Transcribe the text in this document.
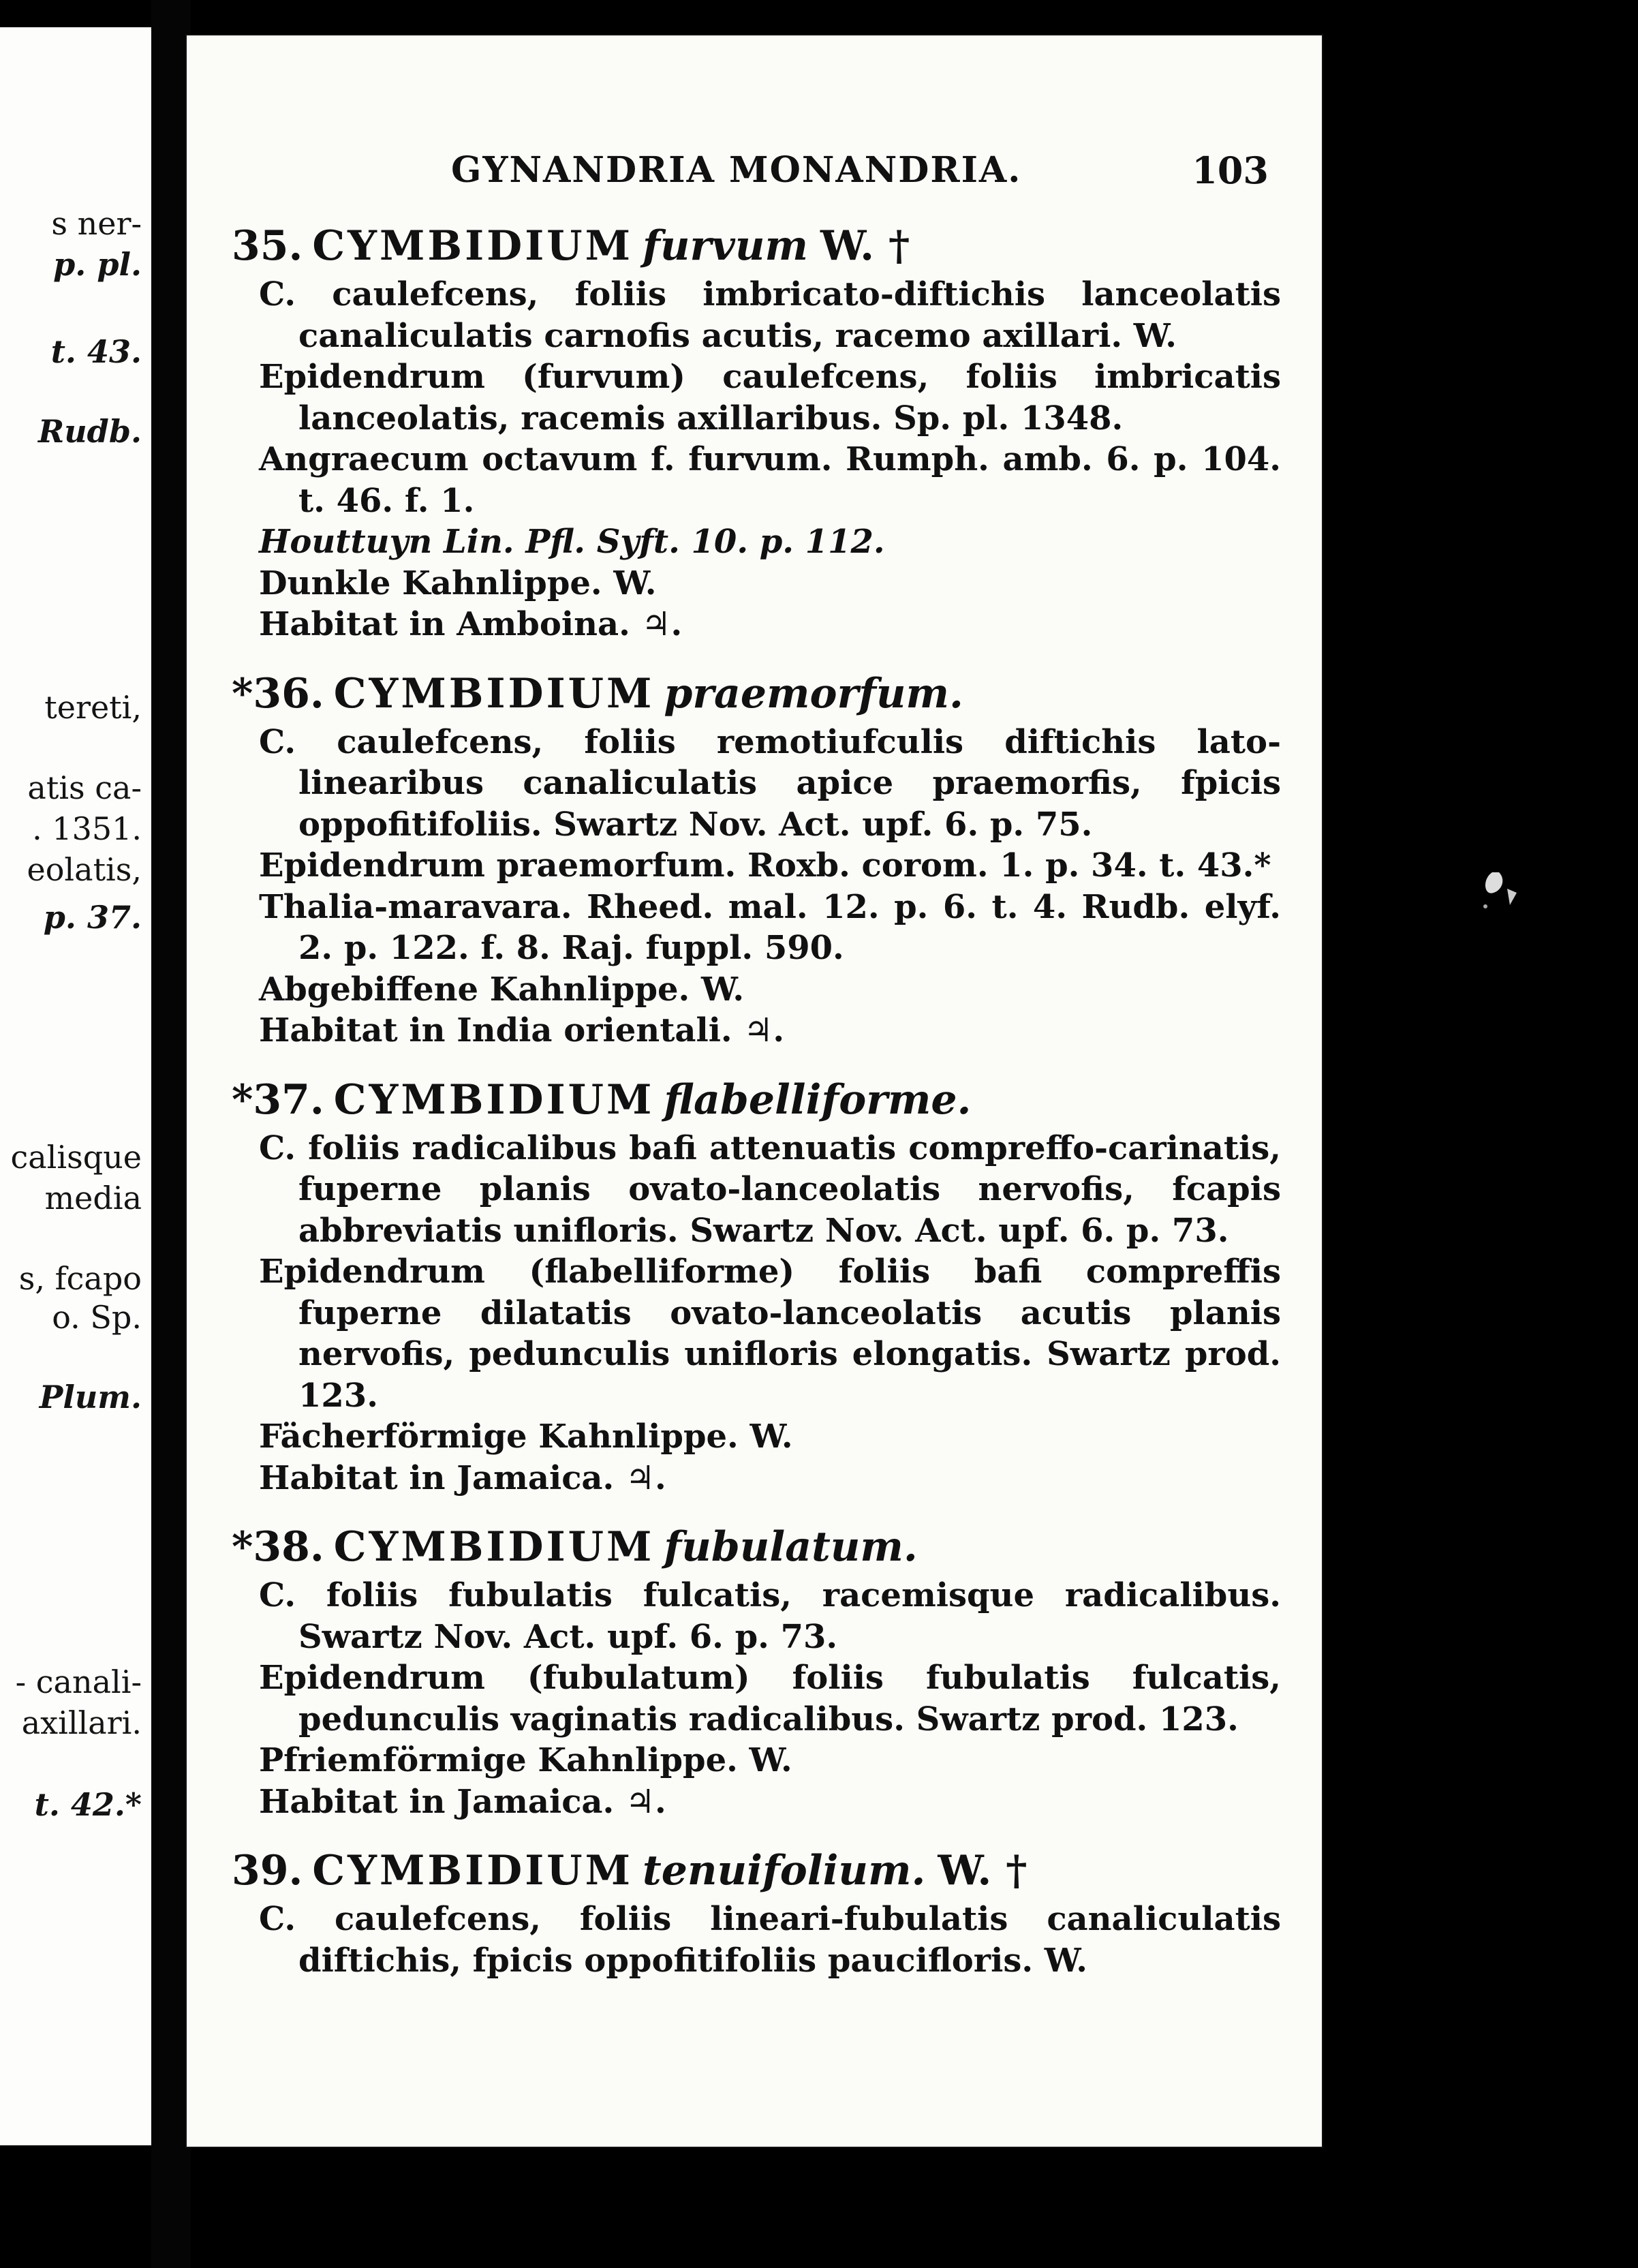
s ner-
p. pl.
t. 43.
Rudb.
tereti,
atis ca-
. 1351.
eolatis,
p. 37.
calisque
media
s, fcapo
o. Sp.
Plum.
- canali-
axillari.
t. 42.*
GYNANDRIA MONANDRIA.	103
35. CYMBIDIUM furvum W. †
C. caulefcens, foliis imbricato-diftichis lanceolatis canaliculatis carnofis acutis, racemo axillari. W.
Epidendrum (furvum) caulefcens, foliis imbricatis lanceolatis, racemis axillaribus. Sp. pl. 1348.
Angraecum octavum f. furvum. Rumph. amb. 6. p. 104. t. 46. f. 1.
Houttuyn Lin. Pfl. Syft. 10. p. 112.
Dunkle Kahnlippe. W.
Habitat in Amboina. ♃.
*36. CYMBIDIUM praemorfum.
C. caulefcens, foliis remotiufculis diftichis lato-linearibus canaliculatis apice praemorfis, fpicis oppofitifoliis. Swartz Nov. Act. upf. 6. p. 75.
Epidendrum praemorfum. Roxb. corom. 1. p. 34. t. 43.*
Thalia-maravara. Rheed. mal. 12. p. 6. t. 4. Rudb. elyf. 2. p. 122. f. 8. Raj. fuppl. 590.
Abgebiffene Kahnlippe. W.
Habitat in India orientali. ♃.
*37. CYMBIDIUM flabelliforme.
C. foliis radicalibus bafi attenuatis compreffo-carinatis, fuperne planis ovato-lanceolatis nervofis, fcapis abbreviatis unifloris. Swartz Nov. Act. upf. 6. p. 73.
Epidendrum (flabelliforme) foliis bafi compreffis fuperne dilatatis ovato-lanceolatis acutis planis nervofis, pedunculis unifloris elongatis. Swartz prod. 123.
Fächerförmige Kahnlippe. W.
Habitat in Jamaica. ♃.
*38. CYMBIDIUM fubulatum.
C. foliis fubulatis fulcatis, racemisque radicalibus. Swartz Nov. Act. upf. 6. p. 73.
Epidendrum (fubulatum) foliis fubulatis fulcatis, pedunculis vaginatis radicalibus. Swartz prod. 123.
Pfriemförmige Kahnlippe. W.
Habitat in Jamaica. ♃.
39. CYMBIDIUM tenuifolium. W. †
C. caulefcens, foliis lineari-fubulatis canaliculatis diftichis, fpicis oppofitifoliis paucifloris. W.
